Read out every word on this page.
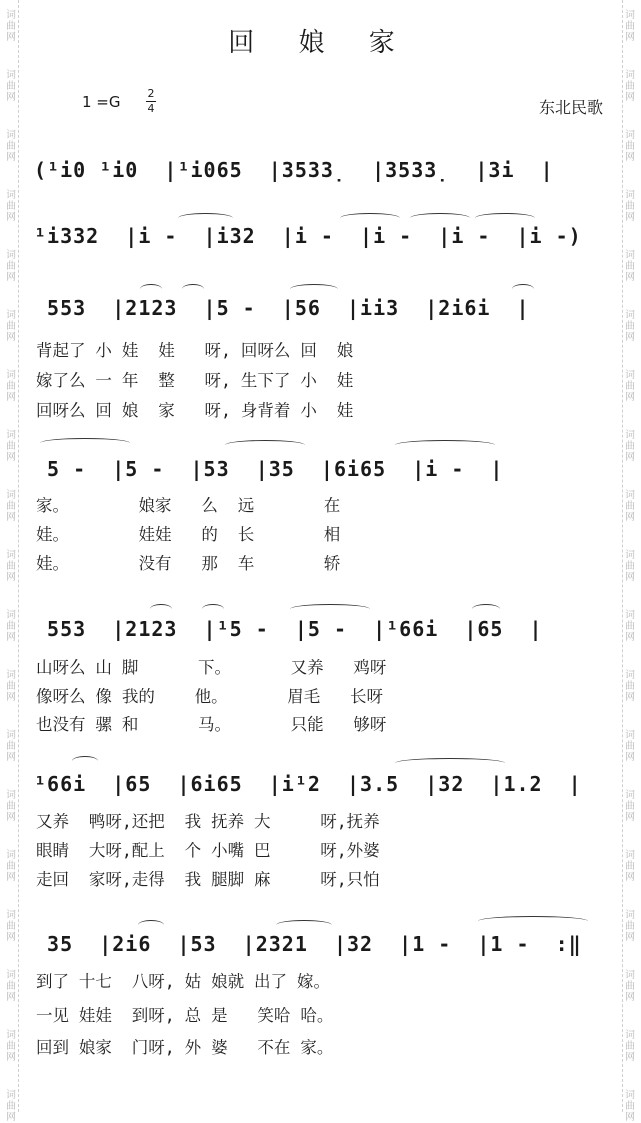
词
曲
网
词
曲
网
词
曲
网
词
曲
网
词
曲
网
词
曲
网
词
曲
网
词
曲
网
词
曲
网
词
曲
网
词
曲
网
词
曲
网
词
曲
网
词
曲
网
词
曲
网
词
曲
网
词
曲
网
词
曲
网
词
曲
网
词
曲
网
词
曲
网
词
曲
网
词
曲
网
词
曲
网
词
曲
网
词
曲
网
词
曲
网
词
曲
网
词
曲
网
词
曲
网
词
曲
网
词
曲
网
词
曲
网
词
曲
网
词
曲
网
词
曲
网
词
曲
网
词
曲
网
回 娘 家
1 =G 2
4	东北民歌
(¹i0 ¹i0  |¹i065  |3533̣  |3533̣  |3i  |
¹i332  |i -  |i32  |i -  |i -  |i -  |i -)
553  |2123  |5 -  |56  |ii3  |2i6i  |
背起了 小 娃  娃   呀, 回呀么 回  娘
嫁了么 一 年  整   呀, 生下了 小  娃
回呀么 回 娘  家   呀, 身背着 小  娃
5 -  |5 -  |53  |35  |6i65  |i -  |
家。       娘家   么  远       在
娃。       娃娃   的  长       相
娃。       没有   那  车       轿
553  |2123  |¹5 -  |5 -  |¹66i  |65  |
山呀么 山 脚      下。      又养   鸡呀
像呀么 像 我的    他。      眉毛   长呀
也没有 骡 和      马。      只能   够呀
¹66i  |65  |6i65  |i¹2  |3.5  |32  |1.2  |
又养  鸭呀,还把  我 抚养 大     呀,抚养
眼睛  大呀,配上  个 小嘴 巴     呀,外婆
走回  家呀,走得  我 腿脚 麻     呀,只怕
35  |2i6  |53  |2321  |32  |1 -  |1 -  :‖
到了 十七  八呀, 姑 娘就 出了 嫁。
一见 娃娃  到呀, 总 是   笑哈 哈。
回到 娘家  门呀, 外 婆   不在 家。
